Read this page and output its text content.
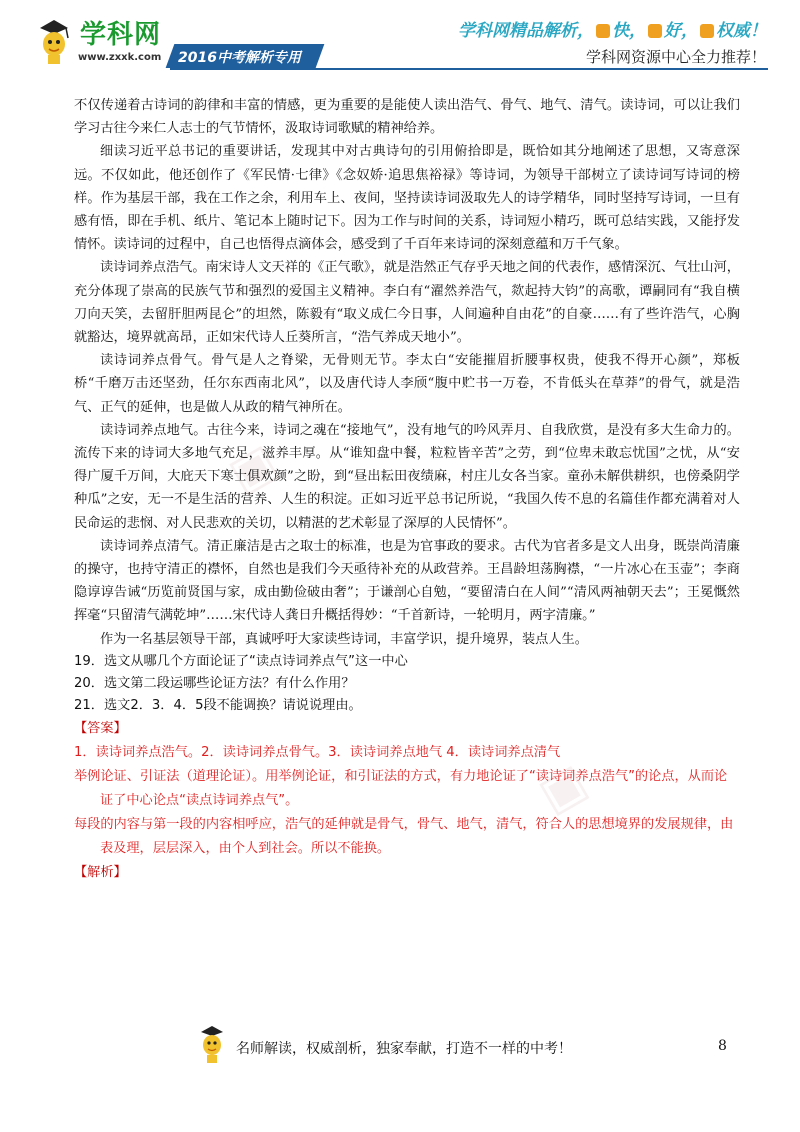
学科网
www.zxxk.com 2016中考解析专用
学科网精品解析， 快， 好， 权威！
学科网资源中心全力推荐！
▣
▣

不仅传递着古诗词的韵律和丰富的情感，更为重要的是能使人读出浩气、骨气、地气、清气。读诗词，可以让我们学习古往今来仁人志士的气节情怀，汲取诗词歌赋的精神给养。

细读习近平总书记的重要讲话，发现其中对古典诗句的引用俯拾即是，既恰如其分地阐述了思想，又寄意深远。不仅如此，他还创作了《军民情·七律》《念奴娇·追思焦裕禄》等诗词，为领导干部树立了读诗词写诗词的榜样。作为基层干部，我在工作之余，利用车上、夜间，坚持读诗词汲取先人的诗学精华，同时坚持写诗词，一旦有感有悟，即在手机、纸片、笔记本上随时记下。因为工作与时间的关系，诗词短小精巧，既可总结实践，又能抒发情怀。读诗词的过程中，自己也悟得点滴体会，感受到了千百年来诗词的深刻意蕴和万千气象。

读诗词养点浩气。南宋诗人文天祥的《正气歌》，就是浩然正气存乎天地之间的代表作，感情深沉、气壮山河，充分体现了崇高的民族气节和强烈的爱国主义精神。李白有“濯然养浩气，欻起持大钧”的高歌，谭嗣同有“我自横刀向天笑，去留肝胆两昆仑”的坦然，陈毅有“取义成仁今日事，人间遍种自由花”的自豪……有了些许浩气，心胸就豁达，境界就高昂，正如宋代诗人丘葵所言，“浩气养成天地小”。

读诗词养点骨气。骨气是人之脊梁，无骨则无节。李太白“安能摧眉折腰事权贵，使我不得开心颜”，郑板桥“千磨万击还坚劲，任尔东西南北风”，以及唐代诗人李颀“腹中贮书一万卷，不肯低头在草莽”的骨气，就是浩气、正气的延伸，也是做人从政的精气神所在。

读诗词养点地气。古往今来，诗词之魂在“接地气”，没有地气的吟风弄月、自我欣赏，是没有多大生命力的。流传下来的诗词大多地气充足，滋养丰厚。从“谁知盘中餐，粒粒皆辛苦”之劳，到“位卑未敢忘忧国”之忧，从“安得广厦千万间，大庇天下寒士俱欢颜”之盼，到“昼出耘田夜绩麻，村庄儿女各当家。童孙未解供耕织，也傍桑阴学种瓜”之安，无一不是生活的营养、人生的积淀。正如习近平总书记所说，“我国久传不息的名篇佳作都充满着对人民命运的悲悯、对人民悲欢的关切，以精湛的艺术彰显了深厚的人民情怀”。

读诗词养点清气。清正廉洁是古之取士的标准，也是为官事政的要求。古代为官者多是文人出身，既崇尚清廉的操守，也持守清正的襟怀，自然也是我们今天亟待补充的从政营养。王昌龄坦荡胸襟，“一片冰心在玉壶”；李商隐谆谆告诫“历览前贤国与家，成由勤俭破由奢”；于谦剖心自勉，“要留清白在人间”“清风两袖朝天去”；王冕慨然挥毫“只留清气满乾坤”……宋代诗人龚日升概括得妙：“千首新诗，一轮明月，两字清廉。”

作为一名基层领导干部，真诚呼吁大家读些诗词，丰富学识，提升境界，装点人生。

19．选文从哪几个方面论证了“读点诗词养点气”这一中心

20．选文第二段运哪些论证方法？有什么作用？

21．选文2．3．4．5段不能调换？请说说理由。

【答案】

1．读诗词养点浩气。2．读诗词养点骨气。3．读诗词养点地气 4．读诗词养点清气

举例论证、引证法（道理论证）。用举例论证，和引证法的方式，有力地论证了“读诗词养点浩气”的论点，从而论证了中心论点“读点诗词养点气”。

每段的内容与第一段的内容相呼应，浩气的延伸就是骨气，骨气、地气，清气，符合人的思想境界的发展规律，由表及理，层层深入，由个人到社会。所以不能换。

【解析】

名师解读，权威剖析，独家奉献，打造不一样的中考！	8
